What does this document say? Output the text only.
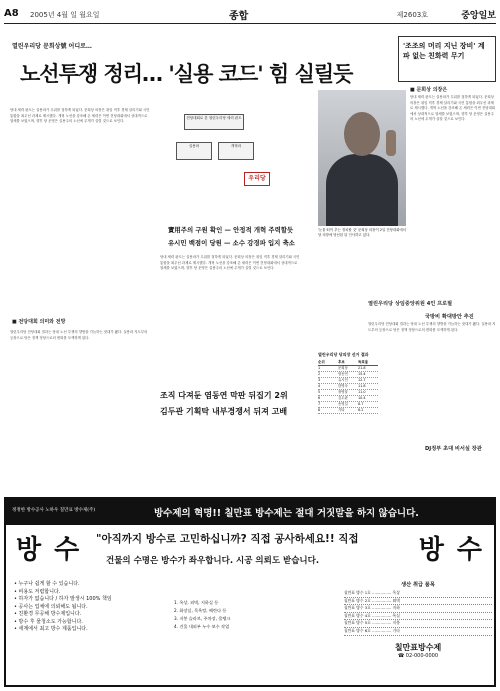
A8 2005년 4월 일 월요일	종합	제2603호	중앙일보
열린우리당 문희상號 어디로…
노선투쟁 정리… '실용 코드' 힘 실릴듯
당내 세력 판도는 실용파가 우위를 점하게 되었다. 문희상 의장은 취임 직후 경제 살리기와 국민 통합을 최우선 과제로 제시했다. 개혁 노선을 강조해 온 세력은 이번 전당대회에서 상대적으로 열세를 보였으며, 향후 당 운영은 실용주의 노선에 무게가 실릴 것으로 보인다.
열린우리당 전당대회 결과는 당내 노선 투쟁의 향방을 가늠하는 잣대가 됐다. 실용파 지도부의 등장으로 당은 정책 정당으로의 변화를 모색하게 된다.
■ 전당대회 의미와 전망
전당대회로 본 열린우리당 세력 판도
실용파	개혁파
우리당
實用주의 구원 확인 — 안정적 개혁 주력할듯
유시민 백점이 당원 — 소수 강경파 입지 축소
당내 세력 판도는 실용파가 우위를 점하게 되었다. 문희상 의장은 취임 직후 경제 살리기와 국민 통합을 최우선 과제로 제시했다. 개혁 노선을 강조해 온 세력은 이번 전당대회에서 상대적으로 열세를 보였으며, 향후 당 운영은 실용주의 노선에 무게가 실릴 것으로 보인다.
조직 다져둔 염동연 막판 뒤집기 2위
김두관 기획탁 내부경쟁서 뒤져 고배
'조조의 머리 지닌 장비' 계파 없는 친화력 무기
■ 문희상 의장은
당내 세력 판도는 실용파가 우위를 점하게 되었다. 문희상 의장은 취임 직후 경제 살리기와 국민 통합을 최우선 과제로 제시했다. 개혁 노선을 강조해 온 세력은 이번 전당대회에서 상대적으로 열세를 보였으며, 향후 당 운영은 실용주의 노선에 무게가 실릴 것으로 보인다.
'눈물 떠이 추는 정치할 것' 문희상 의장이 2일 전당대회에서 당 의장에 당선된 뒤 인사하고 있다.
열린우리당 상임중앙위원 4인 프로필
국방비 확대방안 추진
열린우리당 전당대회 결과는 당내 노선 투쟁의 향방을 가늠하는 잣대가 됐다. 실용파 지도부의 등장으로 당은 정책 정당으로의 변화를 모색하게 된다.
DJ정부 초대 비서실 장관
열린우리당 당의장 선거 결과
순위	후보	득표율
1	문희상	21.8
2	염동연	15.4
3	유시민	12.7
4	한명숙	11.8
5	장영달	11.0
6	김두관	10.4
7	송영길	8.7
8	기타	8.2
정정한 방수공사 노하우 칠만표 방수제(주)	방수제의 혁명!! 칠만표 방수제는 절대 거짓말을 하지 않습니다.
방 수	방 수
"아직까지 방수로 고민하십니까? 직접 공사하세요!! 직접
건물의 수명은 방수가 좌우합니다. 시공 의뢰도 받습니다.
• 누구나 쉽게 할 수 있습니다.
• 비용도 저렴합니다.
• 하자가 없습니다 / 하자 발생시 100% 책임
• 공사는 업체에 의뢰해도 됩니다.
• 친환경 무공해 방수제입니다.
• 방수 후 물청소도 가능합니다.
• 세계에서 최고 방수 제품입니다.
1. 옥상, 외벽, 지하실 등
2. 화장실, 목욕탕, 베란다 등
3. 지붕 슬라브, 주차장, 물탱크
4. 건물 내외부 누수 보수 작업
생산 취급 품목
칠만표 방수 1호 ................ 옥상
칠만표 방수 2호 ................ 외벽
칠만표 방수 3호 ................ 지하
칠만표 방수 4호 ................ 욕실
칠만표 방수 5호 ................ 지붕
칠만표 방수 6호 ................ 기타
칠만표방수제
☎ 02-000-0000
